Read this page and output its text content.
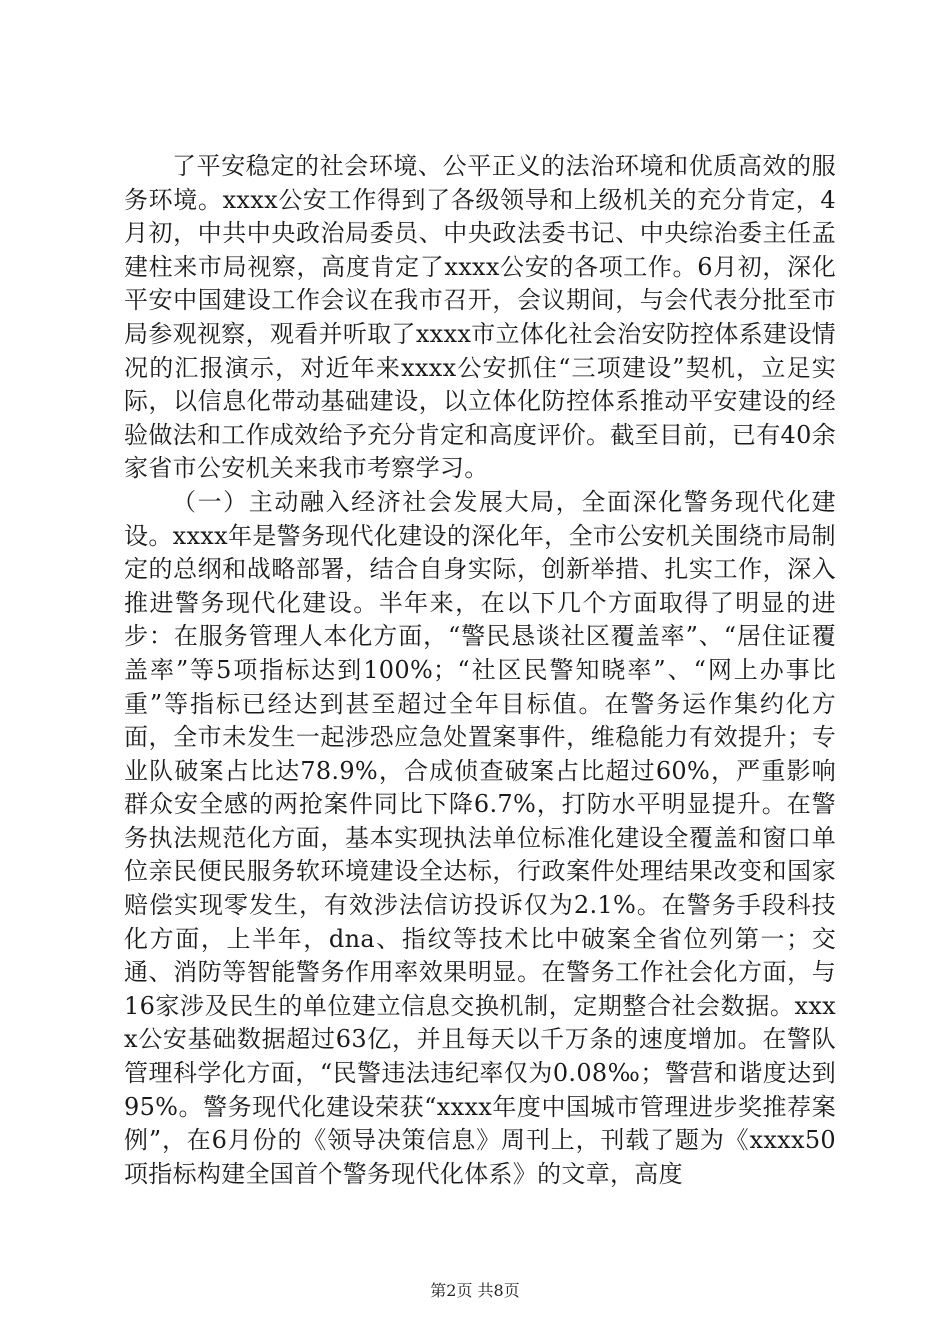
了平安稳定的社会环境、公平正义的法治环境和优质高效的服务环境。xxxx公安工作得到了各级领导和上级机关的充分肯定，4月初，中共中央政治局委员、中央政法委书记、中央综治委主任孟建柱来市局视察，高度肯定了xxxx公安的各项工作。6月初，深化平安中国建设工作会议在我市召开，会议期间，与会代表分批至市局参观视察，观看并听取了xxxx市立体化社会治安防控体系建设情况的汇报演示，对近年来xxxx公安抓住“三项建设”契机，立足实际，以信息化带动基础建设，以立体化防控体系推动平安建设的经验做法和工作成效给予充分肯定和高度评价。截至目前，已有40余家省市公安机关来我市考察学习。

（一）主动融入经济社会发展大局，全面深化警务现代化建设。xxxx年是警务现代化建设的深化年，全市公安机关围绕市局制定的总纲和战略部署，结合自身实际，创新举措、扎实工作，深入推进警务现代化建设。半年来，在以下几个方面取得了明显的进步：在服务管理人本化方面，“警民恳谈社区覆盖率”、“居住证覆盖率”等5项指标达到100%；“社区民警知晓率”、“网上办事比重”等指标已经达到甚至超过全年目标值。在警务运作集约化方面，全市未发生一起涉恐应急处置案事件，维稳能力有效提升；专业队破案占比达78.9%，合成侦查破案占比超过60%，严重影响群众安全感的两抢案件同比下降6.7%，打防水平明显提升。在警务执法规范化方面，基本实现执法单位标准化建设全覆盖和窗口单位亲民便民服务软环境建设全达标，行政案件处理结果改变和国家赔偿实现零发生，有效涉法信访投诉仅为2.1%。在警务手段科技化方面，上半年，dna、指纹等技术比中破案全省位列第一；交通、消防等智能警务作用率效果明显。在警务工作社会化方面，与16家涉及民生的单位建立信息交换机制，定期整合社会数据。xxxx公安基础数据超过63亿，并且每天以千万条的速度增加。在警队管理科学化方面，“民警违法违纪率仅为0.08‰；警营和谐度达到95%。警务现代化建设荣获“xxxx年度中国城市管理进步奖推荐案例”，在6月份的《领导决策信息》周刊上，刊载了题为《xxxx50项指标构建全国首个警务现代化体系》的文章，高度

第2页 共8页
